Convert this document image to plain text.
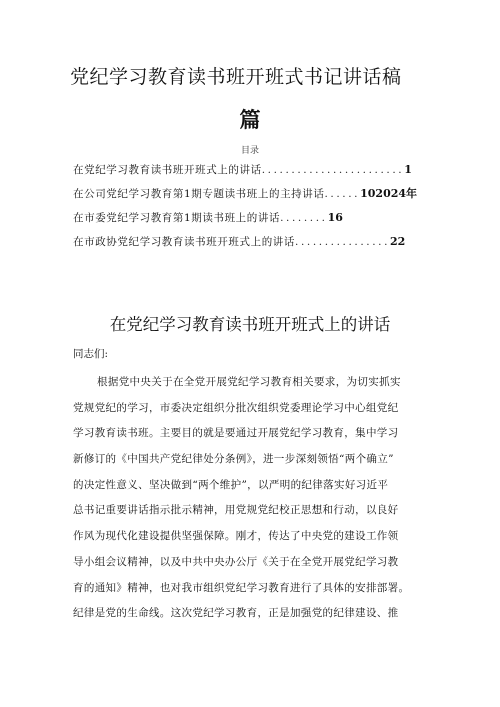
党纪学习教育读书班开班式书记讲话稿
篇
目录
在党纪学习教育读书班开班式上的讲话 ........................ 1
在公司党纪学习教育第1期专题读书班上的主持讲话 ...... 102024年
在市委党纪学习教育第1期读书班上的讲话 ........ 16
在市政协党纪学习教育读书班开班式上的讲话 ................ 22
在党纪学习教育读书班开班式上的讲话
同志们:
根据党中央关于在全党开展党纪学习教育相关要求，为切实抓实
党规党纪的学习，市委决定组织分批次组织党委理论学习中心组党纪
学习教育读书班。主要目的就是要通过开展党纪学习教育，集中学习
新修订的《中国共产党纪律处分条例》，进一步深刻领悟“两个确立”
的决定性意义、坚决做到“两个维护”，以严明的纪律落实好习近平
总书记重要讲话指示批示精神，用党规党纪校正思想和行动，以良好
作风为现代化建设提供坚强保障。刚才，传达了中央党的建设工作领
导小组会议精神，以及中共中央办公厅《关于在全党开展党纪学习教
育的通知》精神，也对我市组织党纪学习教育进行了具体的安排部署。
纪律是党的生命线。这次党纪学习教育，正是加强党的纪律建设、推
